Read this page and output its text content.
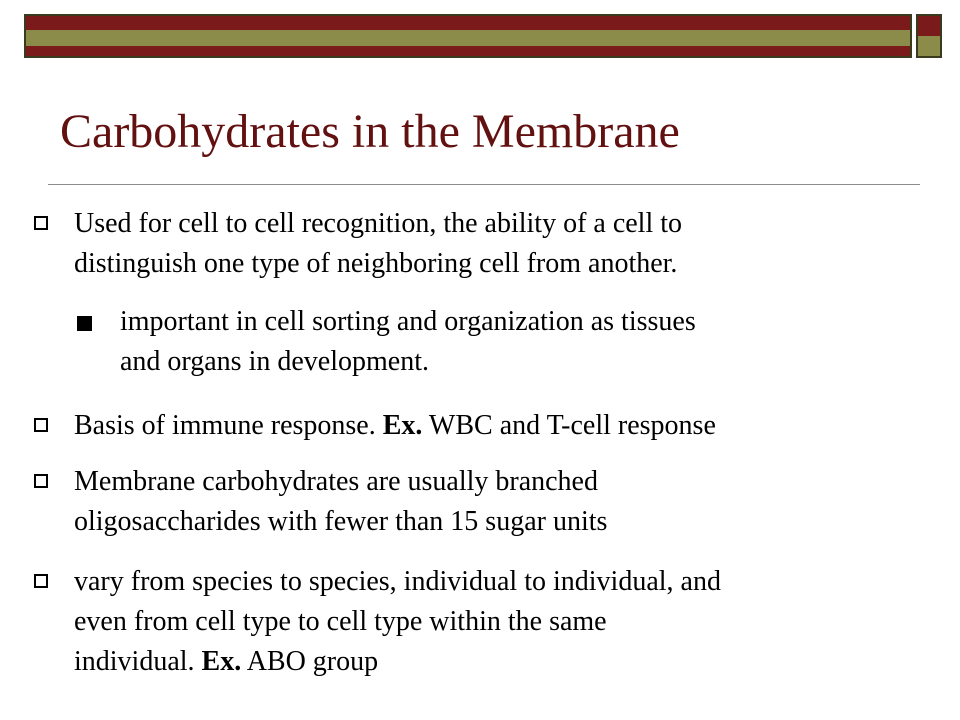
Carbohydrates in the Membrane
Used for cell to cell recognition, the ability of a cell to
distinguish one type of neighboring cell from another.
important in cell sorting and organization as tissues
and organs in development.
Basis of immune response. Ex. WBC and T-cell response
Membrane carbohydrates are usually branched
oligosaccharides with fewer than 15 sugar units
vary from species to species, individual to individual, and
even from cell type to cell type within the same
individual. Ex. ABO group
